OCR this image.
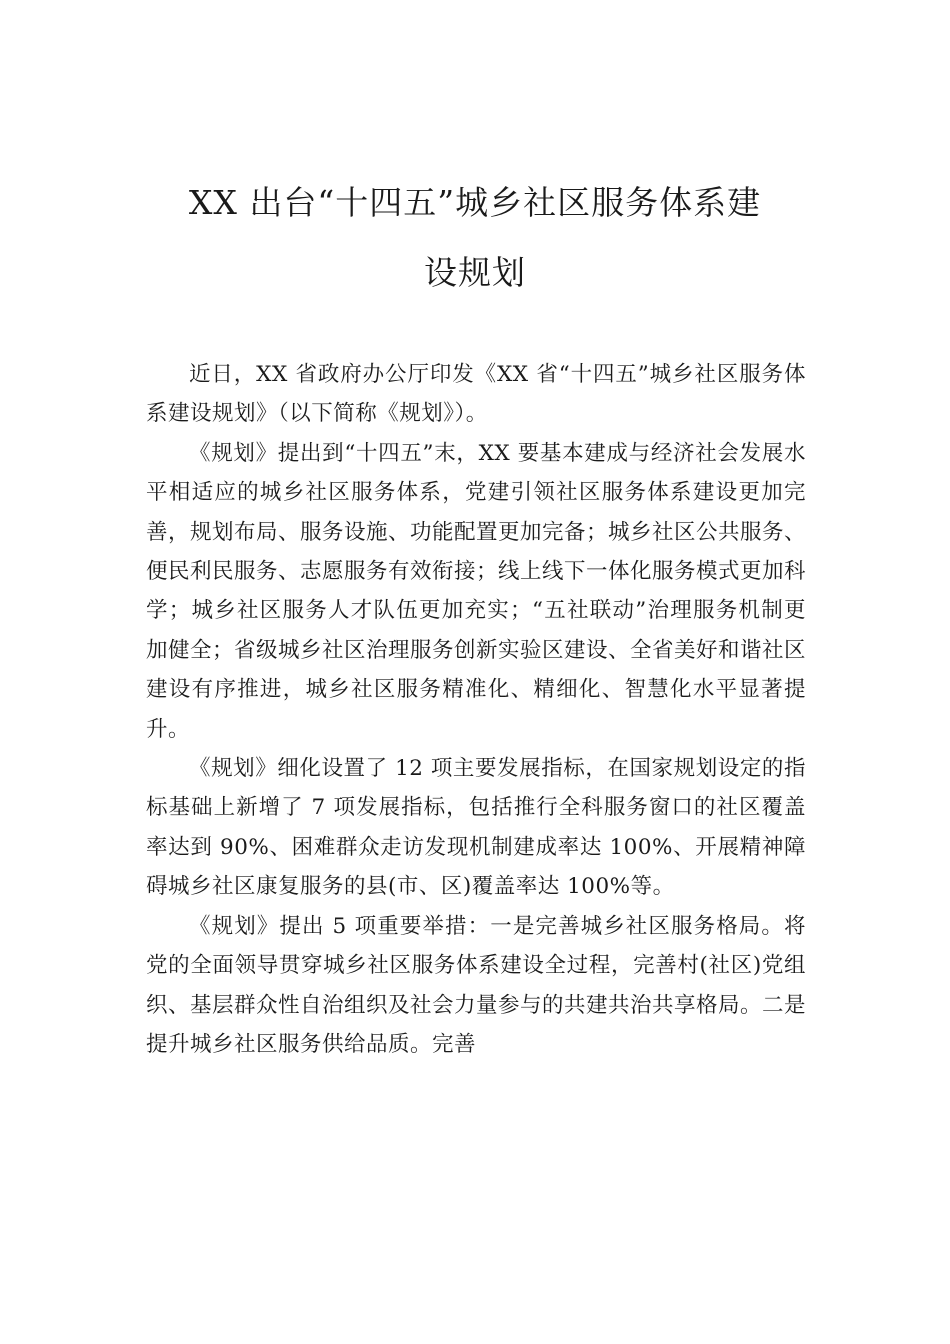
XX 出台“十四五”城乡社区服务体系建
设规划

近日，XX 省政府办公厅印发《XX 省“十四五”城乡社区服务体系建设规划》（以下简称《规划》）。

《规划》提出到“十四五”末，XX 要基本建成与经济社会发展水平相适应的城乡社区服务体系，党建引领社区服务体系建设更加完善，规划布局、服务设施、功能配置更加完备；城乡社区公共服务、便民利民服务、志愿服务有效衔接；线上线下一体化服务模式更加科学；城乡社区服务人才队伍更加充实；“五社联动”治理服务机制更加健全；省级城乡社区治理服务创新实验区建设、全省美好和谐社区建设有序推进，城乡社区服务精准化、精细化、智慧化水平显著提升。

《规划》细化设置了 12 项主要发展指标，在国家规划设定的指标基础上新增了 7 项发展指标，包括推行全科服务窗口的社区覆盖率达到 90%、困难群众走访发现机制建成率达 100%、开展精神障碍城乡社区康复服务的县(市、区)覆盖率达 100%等。

《规划》提出 5 项重要举措：一是完善城乡社区服务格局。将党的全面领导贯穿城乡社区服务体系建设全过程，完善村(社区)党组织、基层群众性自治组织及社会力量参与的共建共治共享格局。二是提升城乡社区服务供给品质。完善
